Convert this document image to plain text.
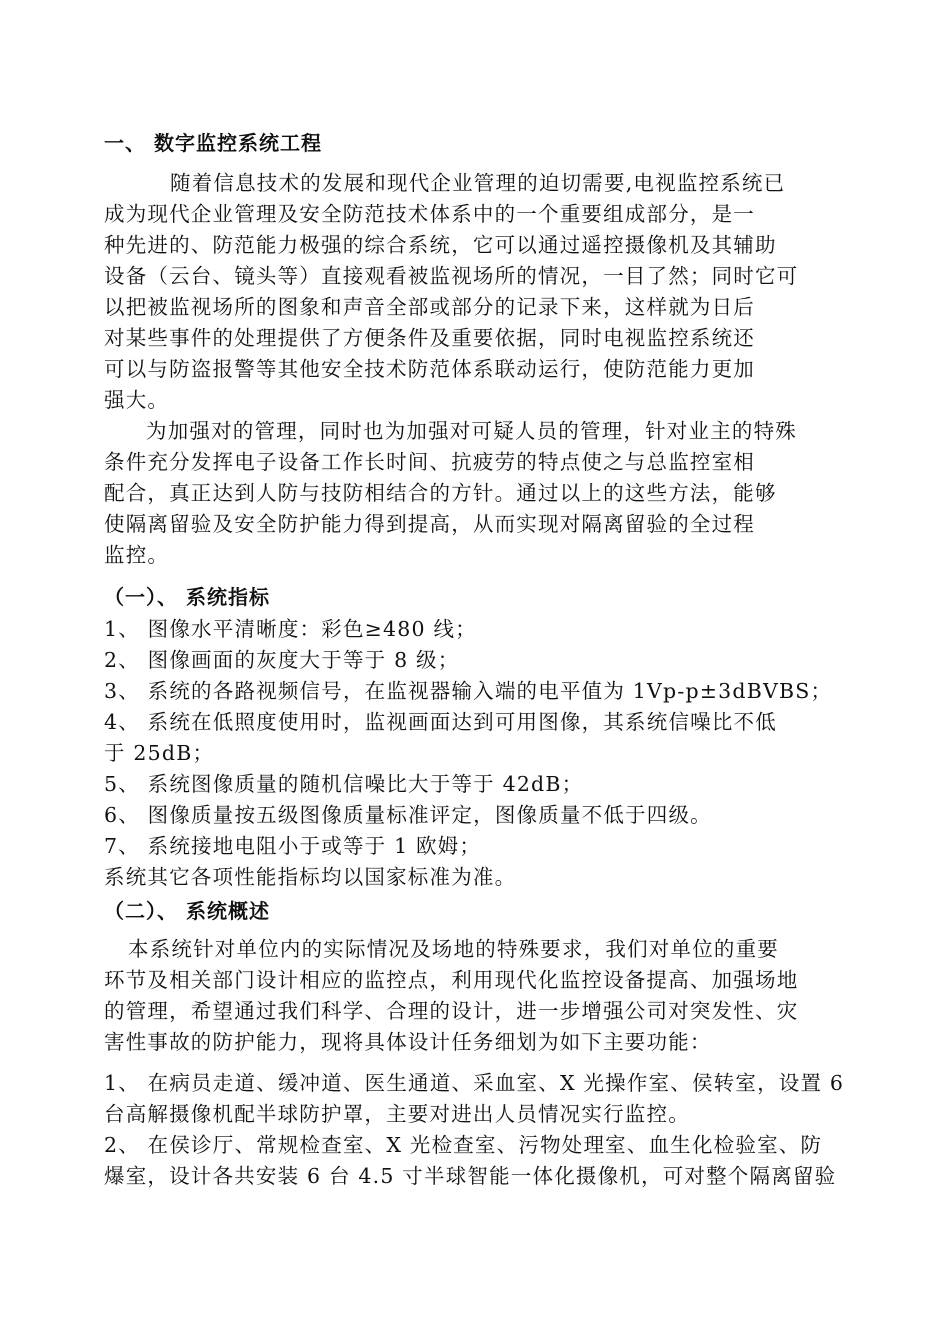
一、 数字监控系统工程
随着信息技术的发展和现代企业管理的迫切需要,电视监控系统已
成为现代企业管理及安全防范技术体系中的一个重要组成部分，是一
种先进的、防范能力极强的综合系统，它可以通过遥控摄像机及其辅助
设备（云台、镜头等）直接观看被监视场所的情况，一目了然；同时它可
以把被监视场所的图象和声音全部或部分的记录下来，这样就为日后
对某些事件的处理提供了方便条件及重要依据，同时电视监控系统还
可以与防盗报警等其他安全技术防范体系联动运行，使防范能力更加
强大。
为加强对的管理，同时也为加强对可疑人员的管理，针对业主的特殊
条件充分发挥电子设备工作长时间、抗疲劳的特点使之与总监控室相
配合，真正达到人防与技防相结合的方针。通过以上的这些方法，能够
使隔离留验及安全防护能力得到提高，从而实现对隔离留验的全过程
监控。
（一）、 系统指标
1、 图像水平清晰度：彩色≥480 线；
2、 图像画面的灰度大于等于 8 级；
3、 系统的各路视频信号，在监视器输入端的电平值为 1Vp-p±3dBVBS；
4、 系统在低照度使用时，监视画面达到可用图像，其系统信噪比不低
于 25dB；
5、 系统图像质量的随机信噪比大于等于 42dB；
6、 图像质量按五级图像质量标准评定，图像质量不低于四级。
7、 系统接地电阻小于或等于 1 欧姆；
系统其它各项性能指标均以国家标准为准。
（二）、 系统概述
本系统针对单位内的实际情况及场地的特殊要求，我们对单位的重要
环节及相关部门设计相应的监控点，利用现代化监控设备提高、加强场地
的管理，希望通过我们科学、合理的设计，进一步增强公司对突发性、灾
害性事故的防护能力，现将具体设计任务细划为如下主要功能：
1、 在病员走道、缓冲道、医生通道、采血室、X 光操作室、侯转室，设置 6
台高解摄像机配半球防护罩，主要对进出人员情况实行监控。
2、 在侯诊厅、常规检查室、X 光检查室、污物处理室、血生化检验室、防
爆室，设计各共安装 6 台 4.5 寸半球智能一体化摄像机，可对整个隔离留验
